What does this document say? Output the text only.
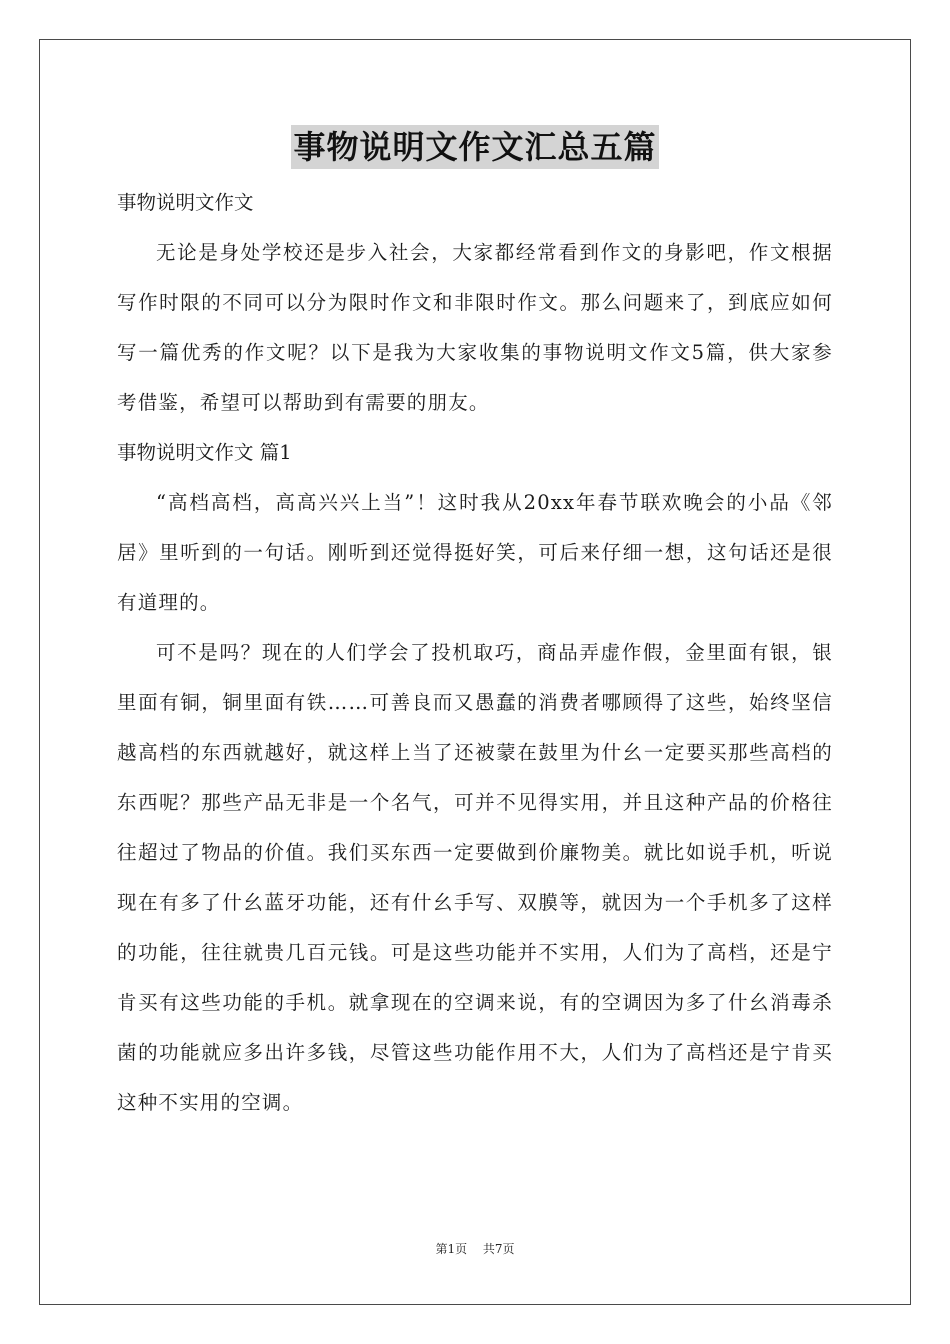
事物说明文作文汇总五篇
事物说明文作文

无论是身处学校还是步入社会，大家都经常看到作文的身影吧，作文根据写作时限的不同可以分为限时作文和非限时作文。那么问题来了，到底应如何写一篇优秀的作文呢？以下是我为大家收集的事物说明文作文5篇，供大家参考借鉴，希望可以帮助到有需要的朋友。

事物说明文作文 篇1

“高档高档，高高兴兴上当”！这时我从20xx年春节联欢晚会的小品《邻居》里听到的一句话。刚听到还觉得挺好笑，可后来仔细一想，这句话还是很有道理的。

可不是吗？现在的人们学会了投机取巧，商品弄虚作假，金里面有银，银里面有铜，铜里面有铁……可善良而又愚蠢的消费者哪顾得了这些，始终坚信越高档的东西就越好，就这样上当了还被蒙在鼓里为什幺一定要买那些高档的东西呢？那些产品无非是一个名气，可并不见得实用，并且这种产品的价格往往超过了物品的价值。我们买东西一定要做到价廉物美。就比如说手机，听说现在有多了什幺蓝牙功能，还有什幺手写、双膜等，就因为一个手机多了这样的功能，往往就贵几百元钱。可是这些功能并不实用，人们为了高档，还是宁肯买有这些功能的手机。就拿现在的空调来说，有的空调因为多了什幺消毒杀菌的功能就应多出许多钱，尽管这些功能作用不大，人们为了高档还是宁肯买这种不实用的空调。

第1页 共7页
